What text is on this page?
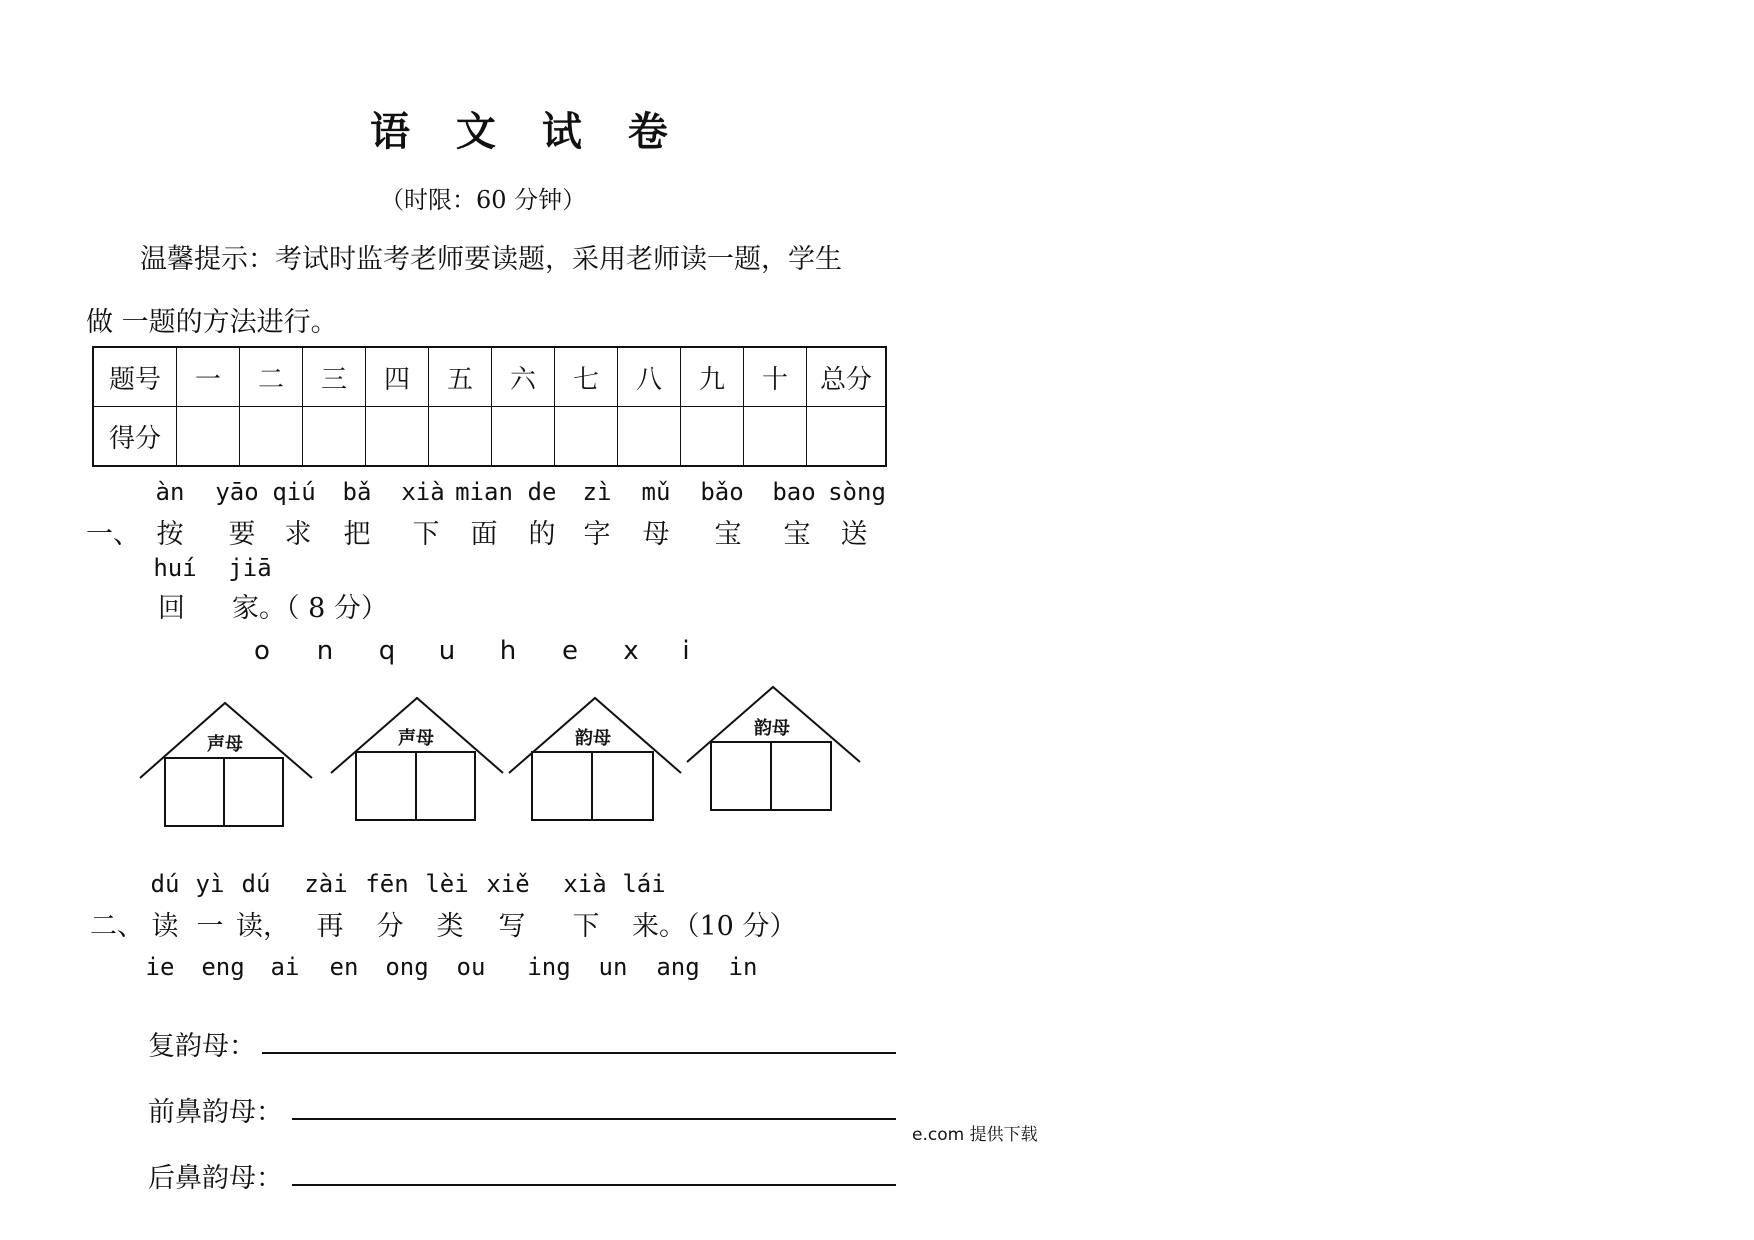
语 文 试 卷
（时限：60 分钟）
温馨提示：考试时监考老师要读题，采用老师读一题，学生
做 一题的方法进行。
题号	一	二	三	四	五	六	七	八	九	十	总分
得分											
一、
àn yāo qiú bǎ xià mian de zì mǔ bǎo bao sòng
按 要 求 把 下 面 的 字 母 宝 宝 送
huí jiā
回 家。（ 8 分）
o n q u h e x i
声母	声母	韵母	韵母
二、
dú yì dú zài fēn lèi xiě xià lái
读 一 读， 再 分 类 写 下 来。（10 分）
ie eng ai en ong ou ing un ang in
复韵母：
前鼻韵母：
后鼻韵母：
e.com 提供下载
